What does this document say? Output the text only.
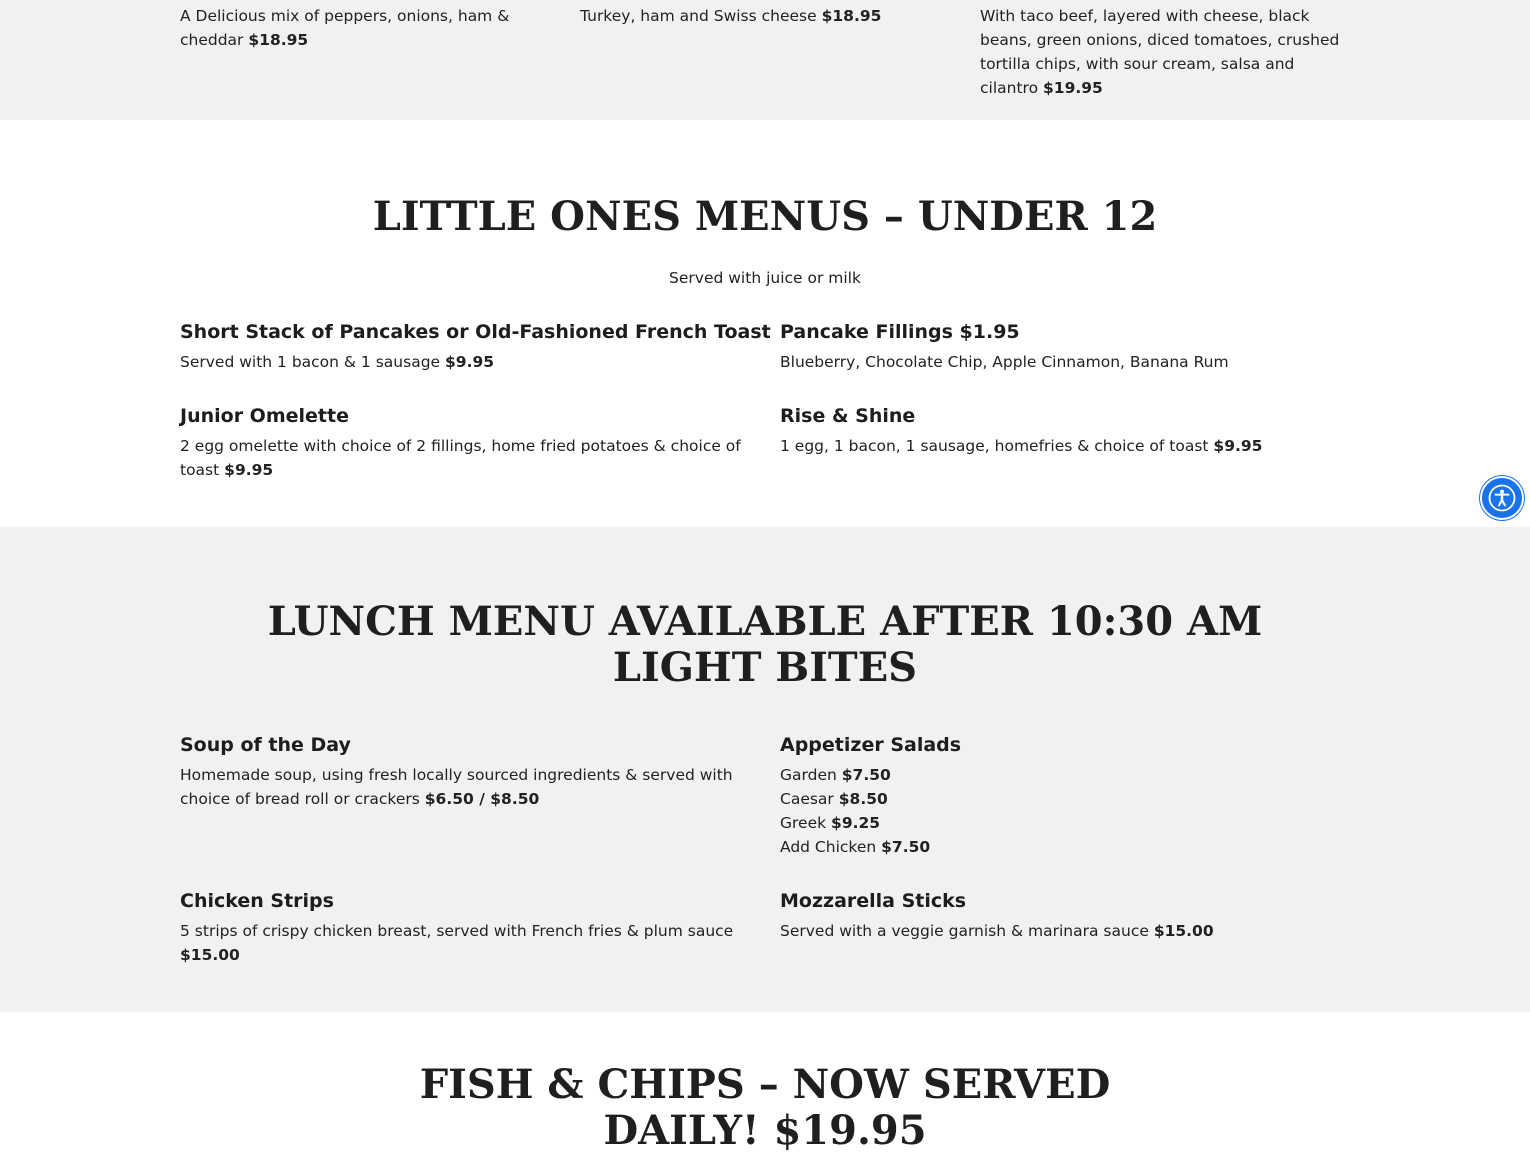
A Delicious mix of peppers, onions, ham & cheddar $18.95

Turkey, ham and Swiss cheese $18.95	With taco beef, layered with cheese, black beans, green onions, diced tomatoes, crushed tortilla chips, with sour cream, salsa and cilantro $19.95

LITTLE ONES MENUS – UNDER 12

Served with juice or milk

Short Stack of Pancakes or Old-Fashioned French Toast

Served with 1 bacon & 1 sausage $9.95

Pancake Fillings $1.95

Blueberry, Chocolate Chip, Apple Cinnamon, Banana Rum

Junior Omelette

2 egg omelette with choice of 2 fillings, home fried potatoes & choice of toast $9.95

Rise & Shine

1 egg, 1 bacon, 1 sausage, homefries & choice of toast $9.95

LUNCH MENU AVAILABLE AFTER 10:30 AM
LIGHT BITES
Soup of the Day

Homemade soup, using fresh locally sourced ingredients & served with choice of bread roll or crackers $6.50 / $8.50

Appetizer Salads

Garden $7.50

Caesar $8.50

Greek $9.25

Add Chicken $7.50

Chicken Strips

5 strips of crispy chicken breast, served with French fries & plum sauce $15.00

Mozzarella Sticks

Served with a veggie garnish & marinara sauce $15.00

FISH & CHIPS – NOW SERVED
DAILY! $19.95
